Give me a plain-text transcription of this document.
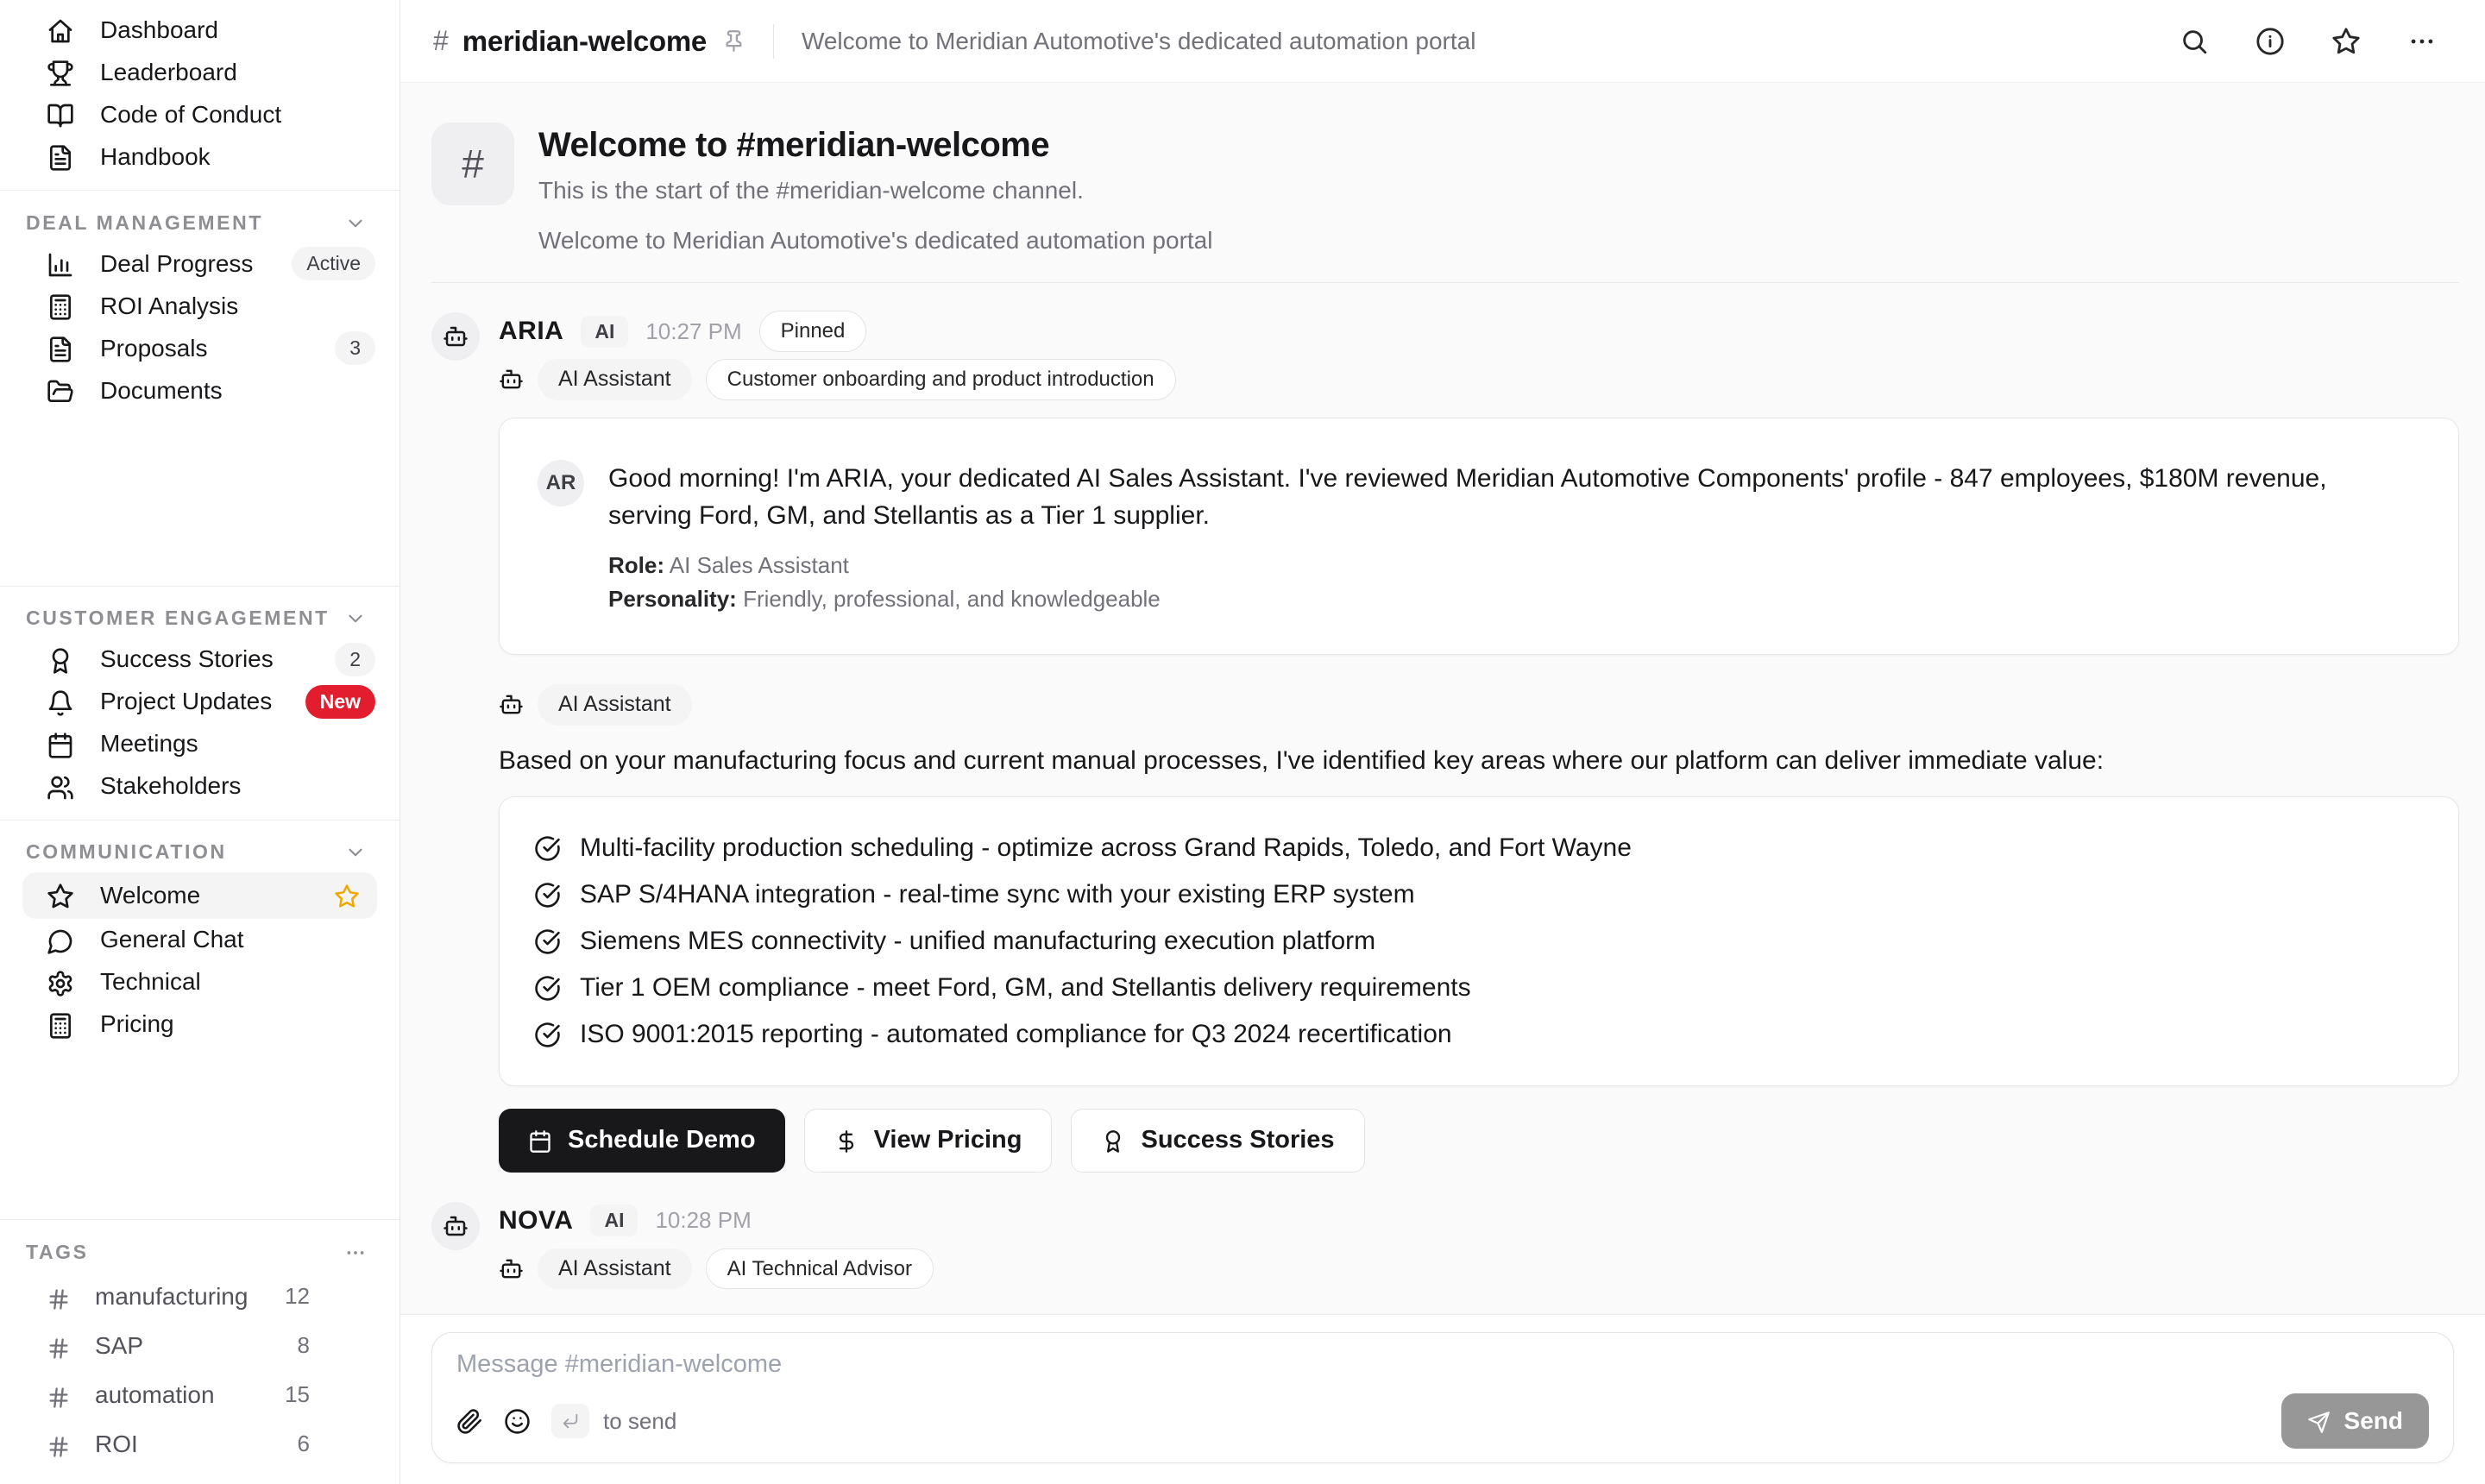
Dashboard
Leaderboard
Code of Conduct
Handbook
DEAL MANAGEMENT
Deal Progress	Active
ROI Analysis
Proposals	3
Documents
CUSTOMER ENGAGEMENT
Success Stories	2
Project Updates	New
Meetings
Stakeholders
COMMUNICATION
Welcome
General Chat
Technical
Pricing
TAGS
manufacturing 12
SAP	8
automation	15
ROI	6
# meridian-welcome	Welcome to Meridian Automotive's dedicated automation portal
# Welcome to #meridian-welcome
This is the start of the #meridian-welcome channel.
Welcome to Meridian Automotive's dedicated automation portal
ARIA	AI	10:27 PM	Pinned
AI Assistant	Customer onboarding and product introduction
AR	Good morning! I'm ARIA, your dedicated AI Sales Assistant. I've reviewed Meridian Automotive Components' profile - 847 employees, $180M revenue, serving Ford, GM, and Stellantis as a Tier 1 supplier.
Role: AI Sales Assistant
Personality: Friendly, professional, and knowledgeable
AI Assistant

Based on your manufacturing focus and current manual processes, I've identified key areas where our platform can deliver immediate value:

Multi-facility production scheduling - optimize across Grand Rapids, Toledo, and Fort Wayne
SAP S/4HANA integration - real-time sync with your existing ERP system
Siemens MES connectivity - unified manufacturing execution platform
Tier 1 OEM compliance - meet Ford, GM, and Stellantis delivery requirements
ISO 9001:2015 reporting - automated compliance for Q3 2024 recertification
Schedule Demo	View Pricing	Success Stories
NOVA	AI	10:28 PM
AI Assistant	AI Technical Advisor
Message #meridian-welcome
to send	Send
